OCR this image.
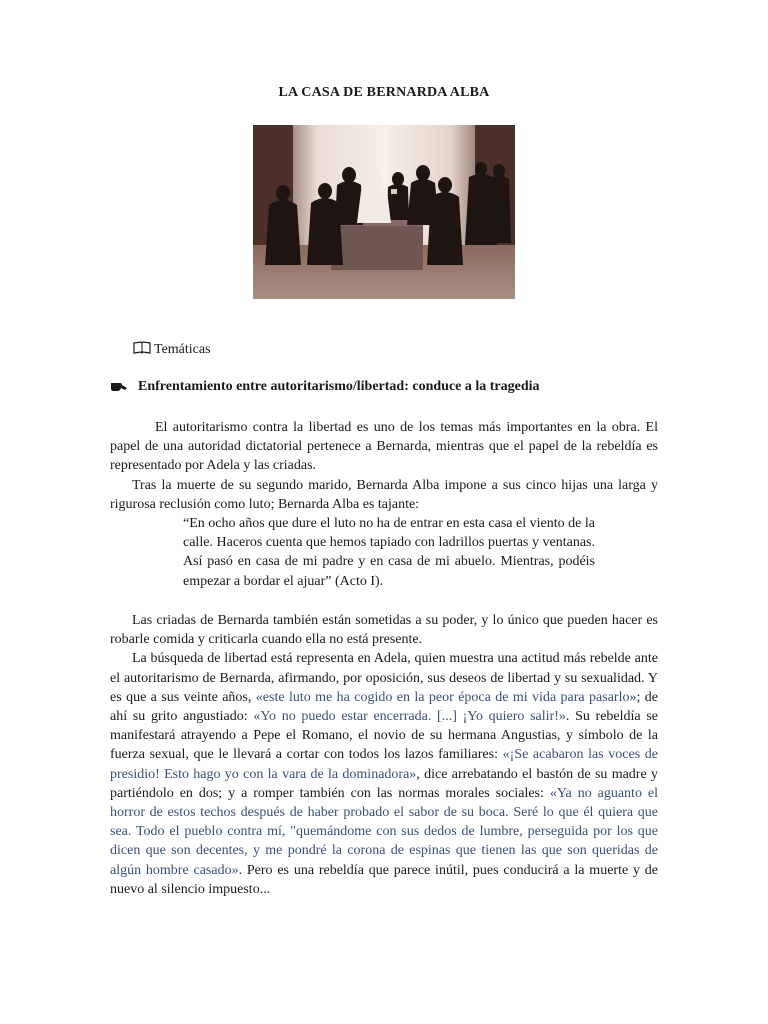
LA CASA DE BERNARDA ALBA
Temáticas
Enfrentamiento entre autoritarismo/libertad: conduce a la tragedia

El autoritarismo contra la libertad es uno de los temas más importantes en la obra. El papel de una autoridad dictatorial pertenece a Bernarda, mientras que el papel de la rebeldía es representado por Adela y las criadas.

Tras la muerte de su segundo marido, Bernarda Alba impone a sus cinco hijas una larga y rigurosa reclusión como luto; Bernarda Alba es tajante:

“En ocho años que dure el luto no ha de entrar en esta casa el viento de la calle. Haceros cuenta que hemos tapiado con ladrillos puertas y ventanas. Así pasó en casa de mi padre y en casa de mi abuelo. Mientras, podéis empezar a bordar el ajuar” (Acto I).

Las criadas de Bernarda también están sometidas a su poder, y lo único que pueden hacer es robarle comida y criticarla cuando ella no está presente.

La búsqueda de libertad está representa en Adela, quien muestra una actitud más rebelde ante el autoritarismo de Bernarda, afirmando, por oposición, sus deseos de libertad y su sexualidad. Y es que a sus veinte años, «este luto me ha cogido en la peor época de mi vida para pasarlo»; de ahí su grito angustiado: «Yo no puedo estar encerrada. [...] ¡Yo quiero salir!». Su rebeldía se manifestará atrayendo a Pepe el Romano, el novio de su hermana Angustias, y símbolo de la fuerza sexual, que le llevará a cortar con todos los lazos familiares: «¡Se acabaron las voces de presidio! Esto hago yo con la vara de la dominadora», dice arrebatando el bastón de su madre y partiéndolo en dos; y a romper también con las normas morales sociales: «Ya no aguanto el horror de estos techos después de haber probado el sabor de su boca. Seré lo que él quiera que sea. Todo el pueblo contra mí, "quemándome con sus dedos de lumbre, perseguida por los que dicen que son decentes, y me pondré la corona de espinas que tienen las que son queridas de algún hombre casado». Pero es una rebeldía que parece inútil, pues conducirá a la muerte y de nuevo al silencio impuesto...
